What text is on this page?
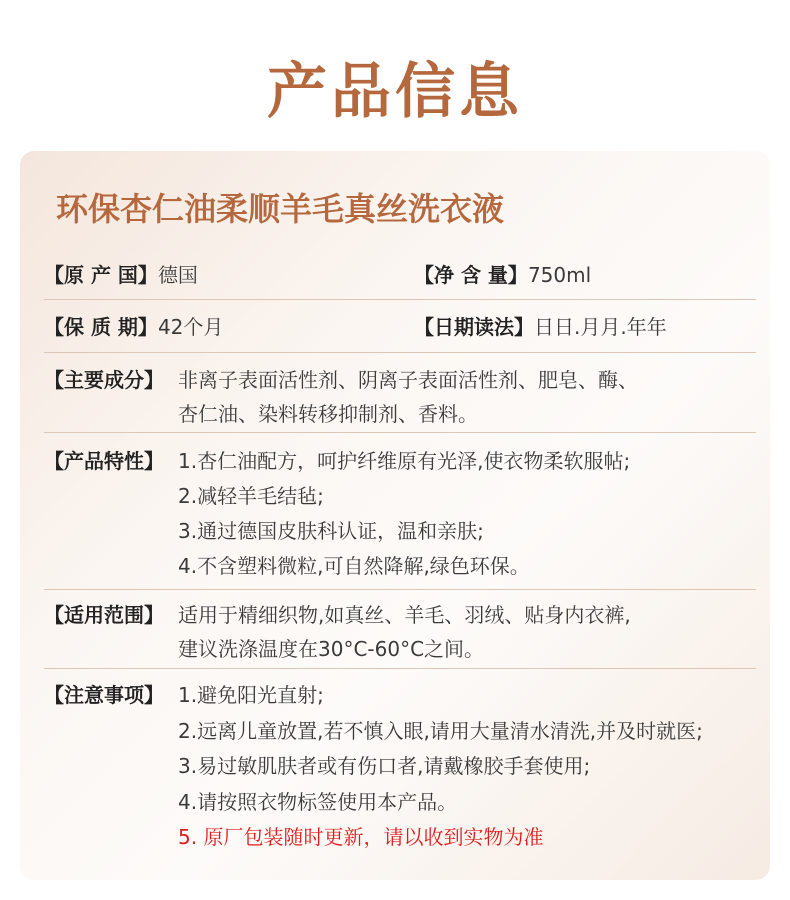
产品信息
环保杏仁油柔顺羊毛真丝洗衣液
【原 产 国】德国	【净 含 量】750ml
【保 质 期】42个月	【日期读法】日日.月月.年年
【主要成分】 非离子表面活性剂、阴离子表面活性剂、肥皂、酶、
杏仁油、染料转移抑制剂、香料。
【产品特性】 1.杏仁油配方，呵护纤维原有光泽,使衣物柔软服帖;
2.减轻羊毛结毡;
3.通过德国皮肤科认证，温和亲肤;
4.不含塑料微粒,可自然降解,绿色环保。
【适用范围】 适用于精细织物,如真丝、羊毛、羽绒、贴身内衣裤,
建议洗涤温度在30°C-60°C之间。
【注意事项】 1.避免阳光直射;
2.远离儿童放置,若不慎入眼,请用大量清水清洗,并及时就医;
3.易过敏肌肤者或有伤口者,请戴橡胶手套使用;
4.请按照衣物标签使用本产品。
5. 原厂包装随时更新，请以收到实物为准
